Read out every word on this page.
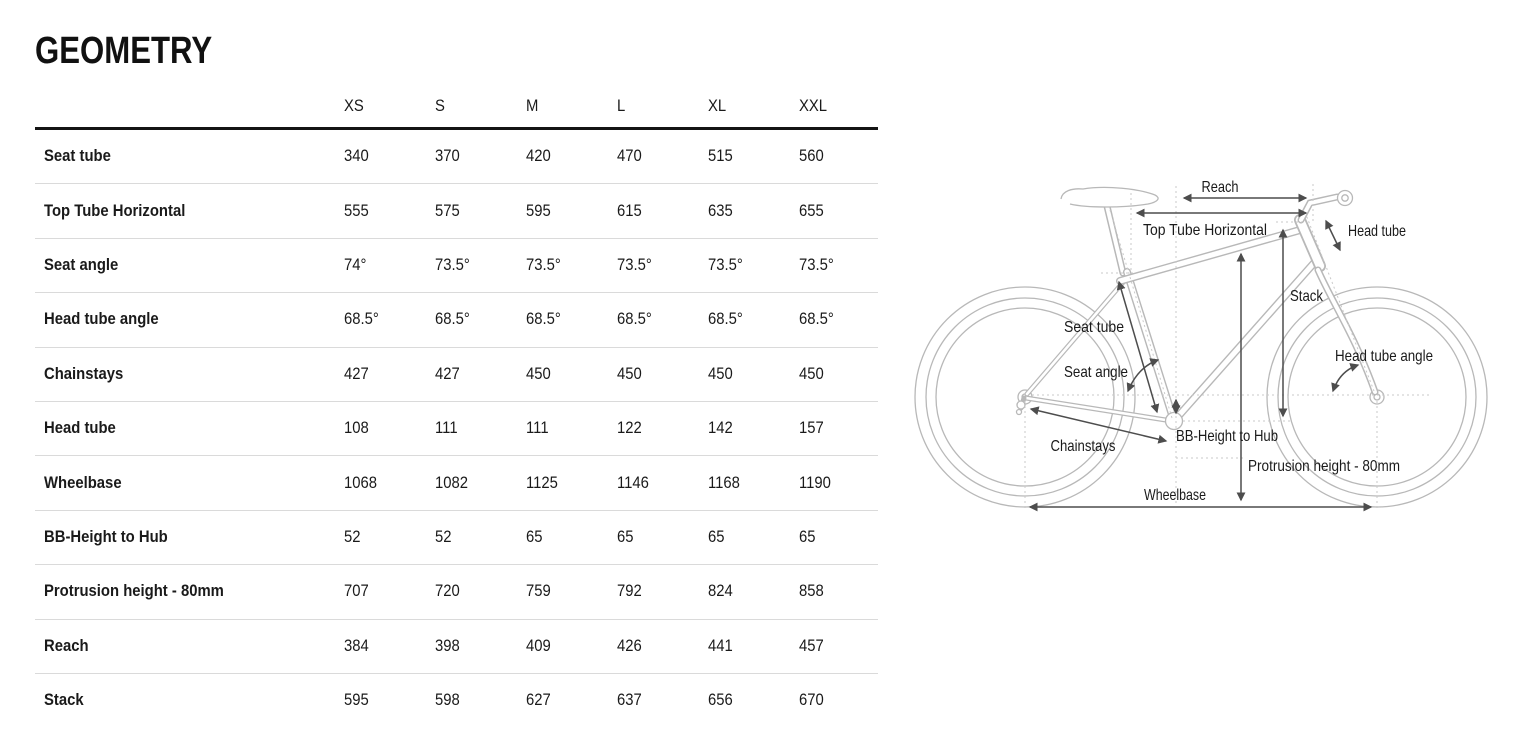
GEOMETRY
XS	S	M	L	XL	XXL
Seat tube	340	370	420	470	515	560
Top Tube Horizontal	555	575	595	615	635	655
Seat angle	74°	73.5°	73.5°	73.5°	73.5°	73.5°
Head tube angle	68.5°	68.5°	68.5°	68.5°	68.5°	68.5°
Chainstays	427	427	450	450	450	450
Head tube	108	111	111	122	142	157
Wheelbase	1068	1082	1125	1146	1168	1190
BB-Height to Hub	52	52	65	65	65	65
Protrusion height - 80mm	707	720	759	792	824	858
Reach	384	398	409	426	441	457
Stack	595	598	627	637	656	670
Reach
Top Tube Horizontal	Head tube
Stack
Seat tube
Seat angle
Head tube angle
BB-Height to Hub
Chainstays
Protrusion height - 80mm
Wheelbase
